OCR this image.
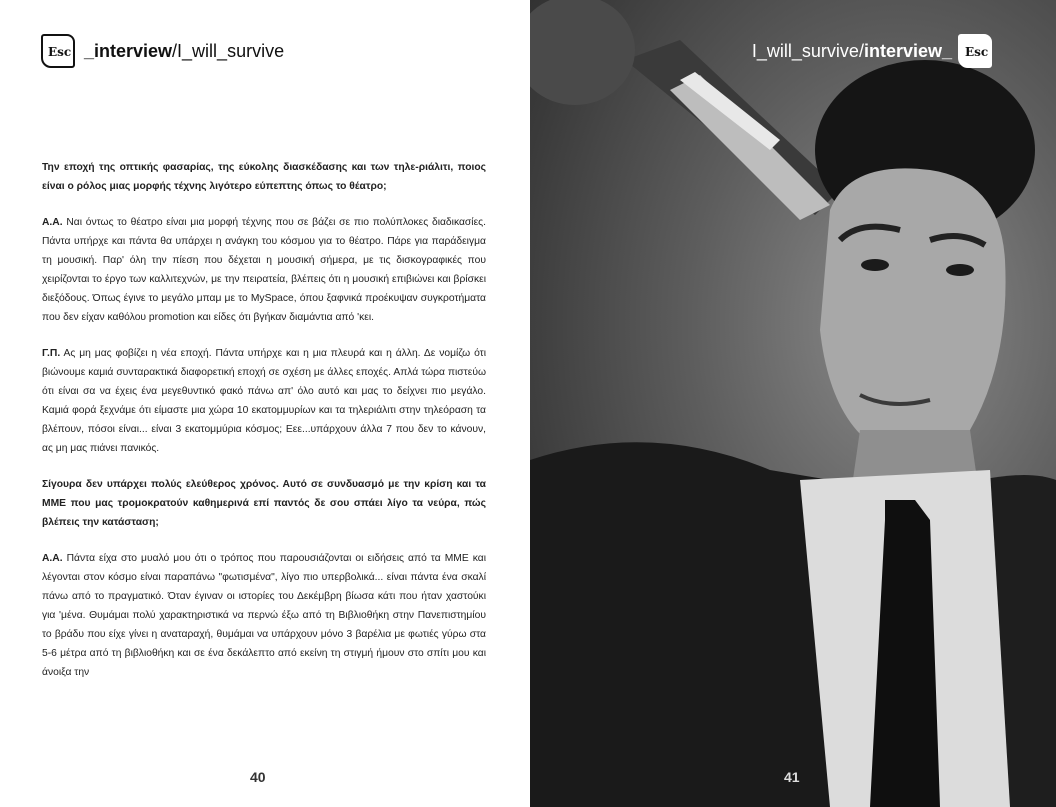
Esc _interview/I_will_survive

Την εποχή της οπτικής φασαρίας, της εύκολης διασκέδασης και των τηλε-ριάλιτι, ποιος είναι ο ρόλος μιας μορφής τέχνης λιγότερο εύπεπτης όπως το θέατρο;

Α.Α. Ναι όντως το θέατρο είναι μια μορφή τέχνης που σε βάζει σε πιο πολύπλοκες διαδικασίες. Πάντα υπήρχε και πάντα θα υπάρχει η ανάγκη του κόσμου για το θέατρο. Πάρε για παράδειγμα τη μουσική. Παρ' όλη την πίεση που δέχεται η μουσική σήμερα, με τις δισκογραφικές που χειρίζονται το έργο των καλλιτεχνών, με την πειρατεία, βλέπεις ότι η μουσική επιβιώνει και βρίσκει διεξόδους. Όπως έγινε το μεγάλο μπαμ με το MySpace, όπου ξαφνικά προέκυψαν συγκροτήματα που δεν είχαν καθόλου promotion και είδες ότι βγήκαν διαμάντια από 'κει.

Γ.Π. Ας μη μας φοβίζει η νέα εποχή. Πάντα υπήρχε και η μια πλευρά και η άλλη. Δε νομίζω ότι βιώνουμε καμιά συνταρακτικά διαφορετική εποχή σε σχέση με άλλες εποχές. Απλά τώρα πιστεύω ότι είναι σα να έχεις ένα μεγεθυντικό φακό πάνω απ' όλο αυτό και μας το δείχνει πιο μεγάλο. Καμιά φορά ξεχνάμε ότι είμαστε μια χώρα 10 εκατομμυρίων και τα τηλεριάλιτι στην τηλεόραση τα βλέπουν, πόσοι είναι... είναι 3 εκατομμύρια κόσμος; Εεε...υπάρχουν άλλα 7 που δεν το κάνουν, ας μη μας πιάνει πανικός.

Σίγουρα δεν υπάρχει πολύς ελεύθερος χρόνος. Αυτό σε συνδυασμό με την κρίση και τα ΜΜΕ που μας τρομοκρατούν καθημερινά επί παντός δε σου σπάει λίγο τα νεύρα, πώς βλέπεις την κατάσταση;

Α.Α. Πάντα είχα στο μυαλό μου ότι ο τρόπος που παρουσιάζονται οι ειδήσεις από τα ΜΜΕ και λέγονται στον κόσμο είναι παραπάνω "φωτισμένα", λίγο πιο υπερβολικά... είναι πάντα ένα σκαλί πάνω από το πραγματικό. Όταν έγιναν οι ιστορίες του Δεκέμβρη βίωσα κάτι που ήταν χαστούκι για 'μένα. Θυμάμαι πολύ χαρακτηριστικά να περνώ έξω από τη Βιβλιοθήκη στην Πανεπιστημίου το βράδυ που είχε γίνει η αναταραχή, θυμάμαι να υπάρχουν μόνο 3 βαρέλια με φωτιές γύρω στα 5-6 μέτρα από τη βιβλιοθήκη και σε ένα δεκάλεπτο από εκείνη τη στιγμή ήμουν στο σπίτι μου και άνοιξα την

40
I_will_survive/interview_
41
Esc
